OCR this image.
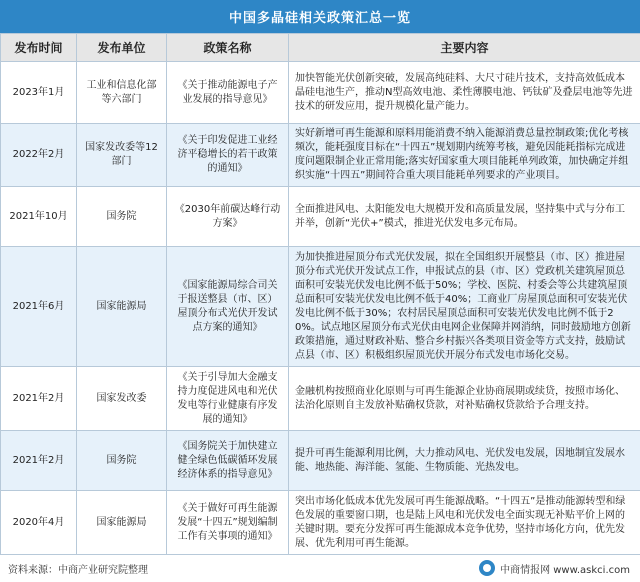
中国多晶硅相关政策汇总一览
发布时间	发布单位	政策名称	主要内容
2023年1月	工业和信息化部等六部门	《关于推动能源电子产业发展的指导意见》	加快智能光伏创新突破，发展高纯硅料、大尺寸硅片技术，支持高效低成本晶硅电池生产，推动N型高效电池、柔性薄膜电池、钙钛矿及叠层电池等先进技术的研发应用，提升规模化量产能力。
2022年2月	国家发改委等12部门	《关于印发促进工业经济平稳增长的若干政策的通知》	实好新增可再生能源和原料用能消费不纳入能源消费总量控制政策;优化考核频次，能耗强度目标在“十四五”规划期内统筹考核，避免因能耗指标完成进度问题限制企业正常用能;落实好国家重大项目能耗单列政策，加快确定并组织实施“十四五”期间符合重大项目能耗单列要求的产业项目。
2021年10月	国务院	《2030年前碳达峰行动方案》	全面推进风电、太阳能发电大规模开发和高质量发展，坚持集中式与分布工并举，创新“光伏+”模式，推进光伏发电多元布局。
2021年6月	国家能源局	《国家能源局综合司关于报送整县（市、区）屋顶分布式光伏开发试点方案的通知》	为加快推进屋顶分布式光伏发展，拟在全国组织开展整县（市、区）推进屋顶分布式光伏开发试点工作，申报试点的县（市、区）党政机关建筑屋顶总面积可安装光伏发电比例不低于50%；学校、医院、村委会等公共建筑屋顶总面积可安装光伏发电比例不低于40%；工商业厂房屋顶总面积可安装光伏发电比例不低于30%；农村居民屋顶总面积可安装光伏发电比例不低于20%。试点地区屋顶分布式光伏由电网企业保障并网消纳，同时鼓励地方创新政策措施，通过财政补贴、整合乡村振兴各类项目资金等方式支持，鼓励试点县（市、区）积极组织屋顶光伏开展分布式发电市场化交易。
2021年2月	国家发改委	《关于引导加大金融支持力度促进风电和光伏发电等行业健康有序发展的通知》	金融机构按照商业化原则与可再生能源企业协商展期或续贷，按照市场化、法治化原则自主发放补贴确权贷款，对补贴确权贷款给予合理支持。
2021年2月	国务院	《国务院关于加快建立健全绿色低碳循环发展经济体系的指导意见》	提升可再生能源利用比例，大力推动风电、光伏发电发展，因地制宜发展水能、地热能、海洋能、氢能、生物质能、光热发电。
2020年4月	国家能源局	《关于做好可再生能源发展“十四五”规划编制工作有关事项的通知》	突出市场化低成本优先发展可再生能源战略。“十四五”是推动能源转型和绿色发展的重要窗口期，也是陆上风电和光伏发电全面实现无补贴平价上网的关键时期。要充分发挥可再生能源成本竞争优势，坚持市场化方向，优先发展、优先利用可再生能源。
资料来源：中商产业研究院整理	中商情报网 www.askci.com
